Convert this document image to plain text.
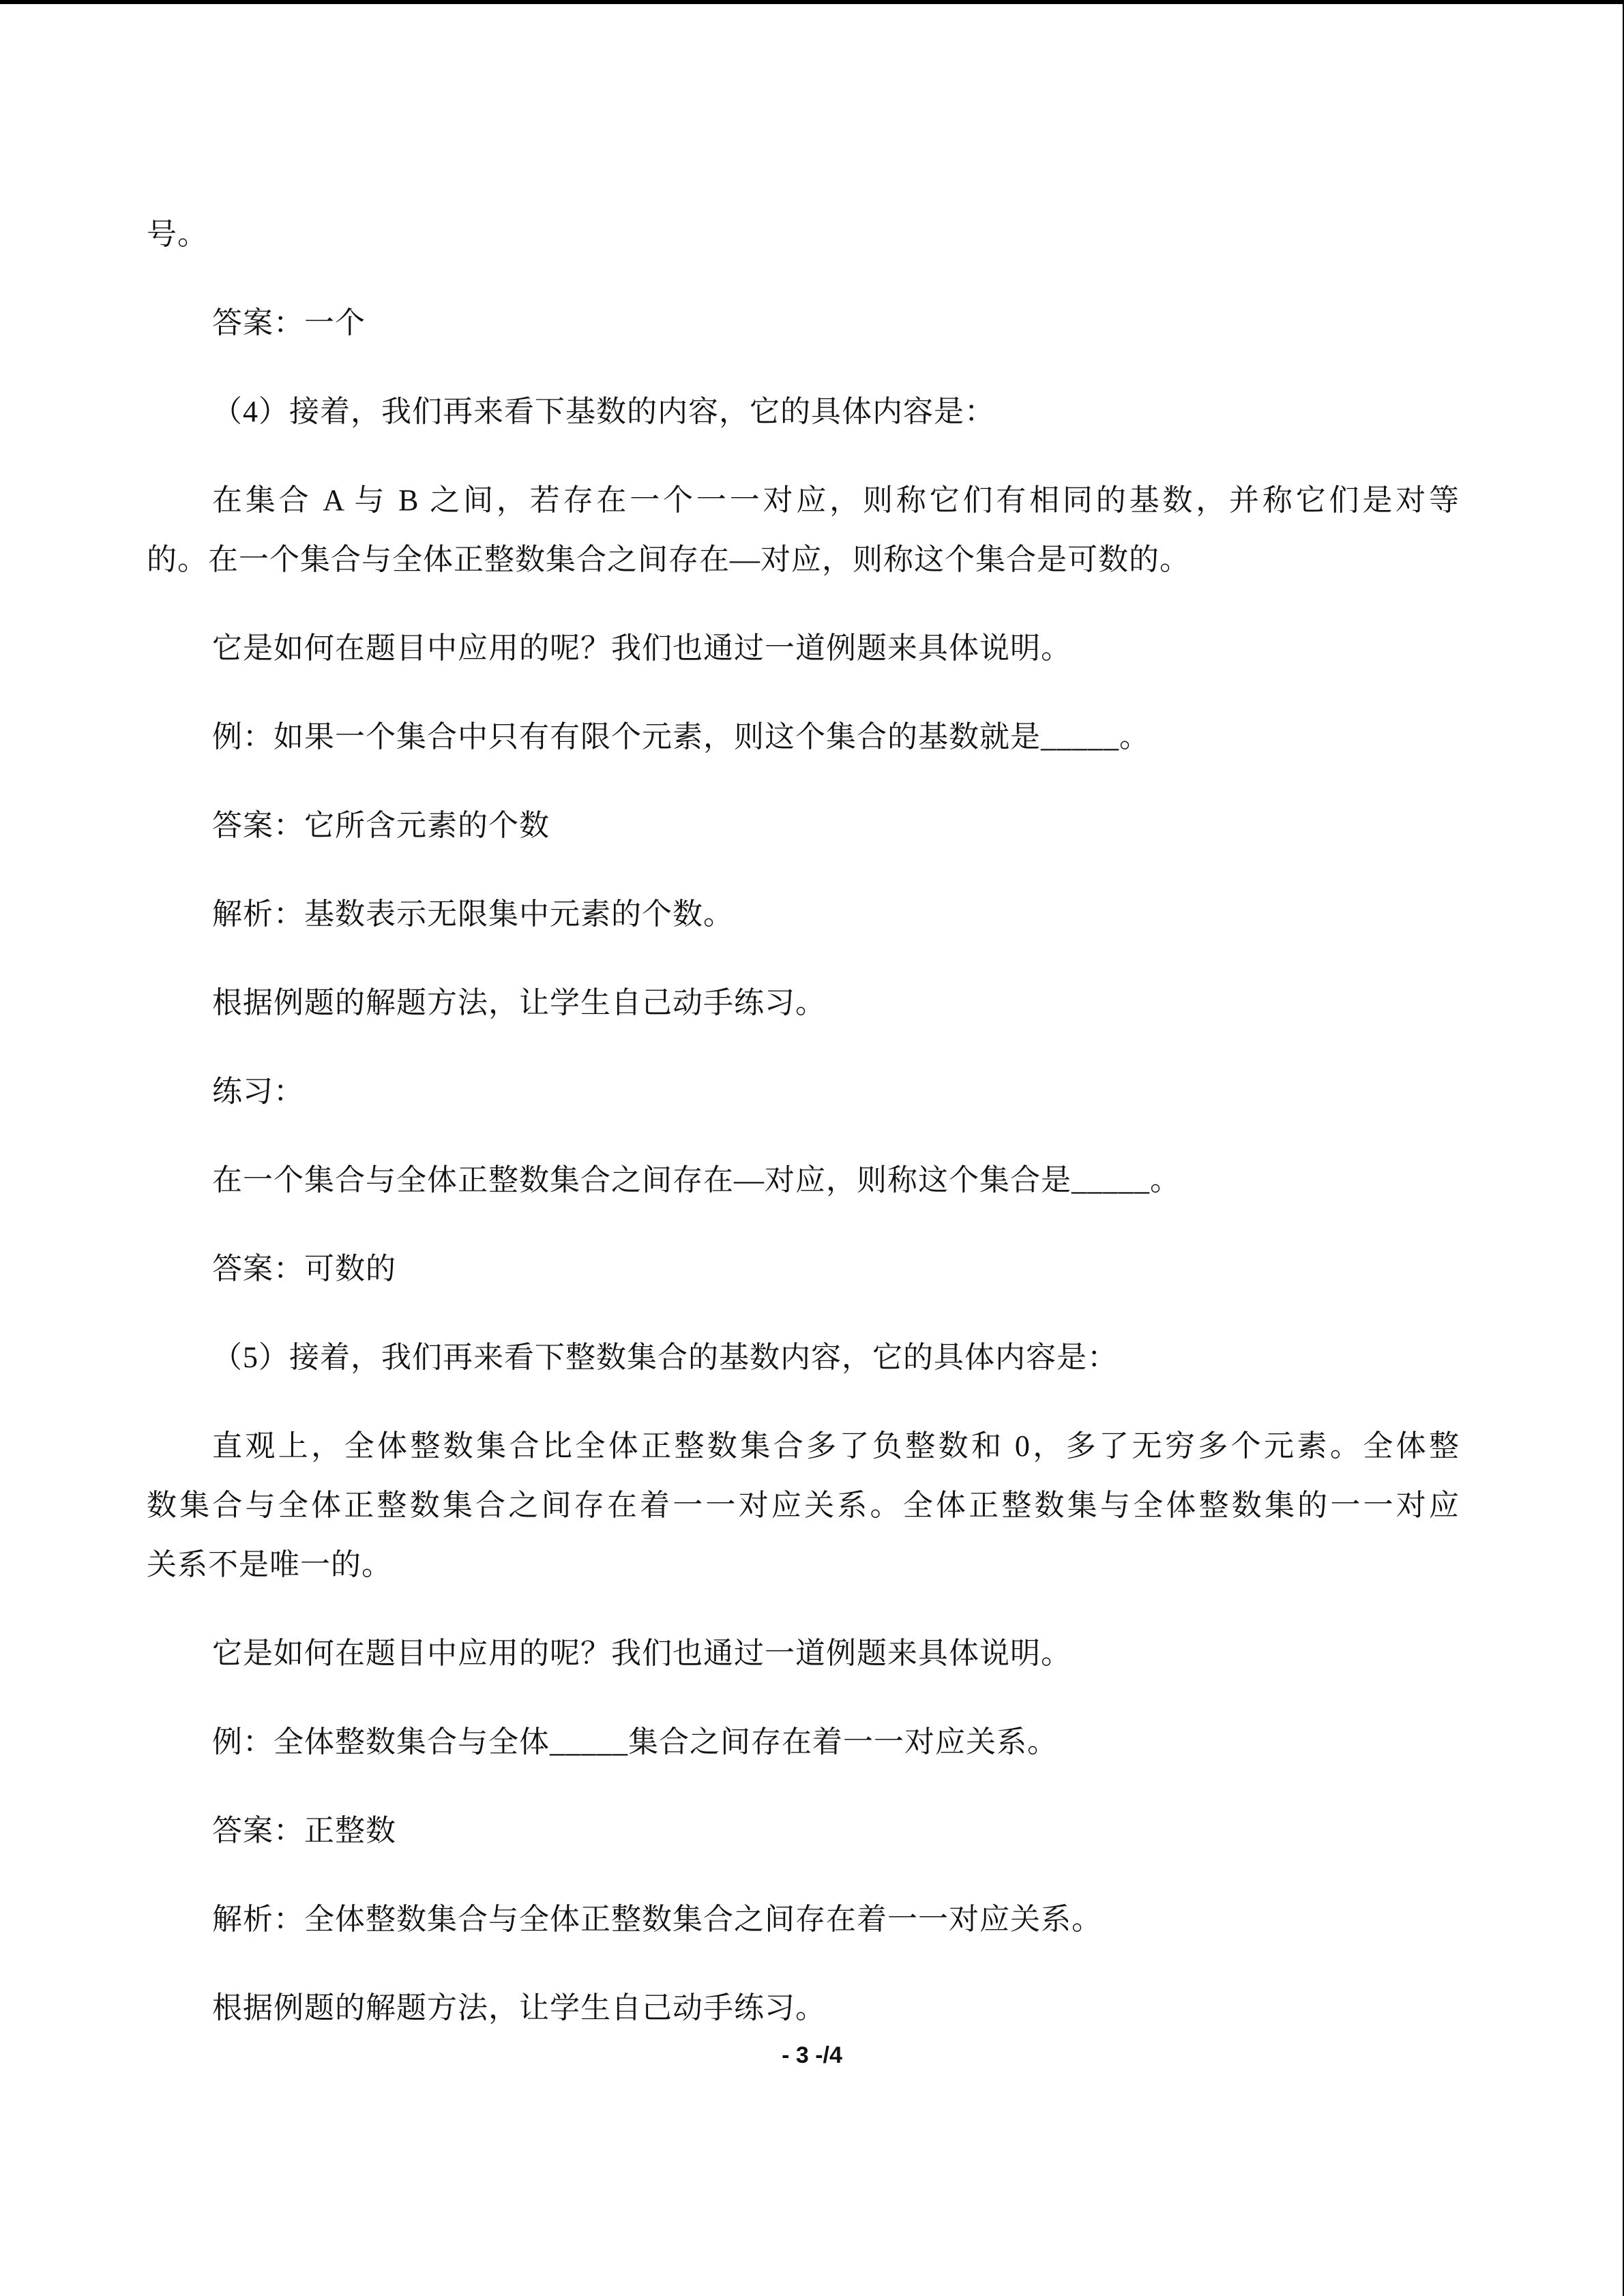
号。
答案：一个
（4）接着，我们再来看下基数的内容，它的具体内容是：
在集合 A 与 B 之间，若存在一个一一对应，则称它们有相同的基数，并称它们是对等
的。在一个集合与全体正整数集合之间存在—对应，则称这个集合是可数的。
它是如何在题目中应用的呢？我们也通过一道例题来具体说明。
例：如果一个集合中只有有限个元素，则这个集合的基数就是_____。
答案：它所含元素的个数
解析：基数表示无限集中元素的个数。
根据例题的解题方法，让学生自己动手练习。
练习：
在一个集合与全体正整数集合之间存在—对应，则称这个集合是_____。
答案：可数的
（5）接着，我们再来看下整数集合的基数内容，它的具体内容是：
直观上，全体整数集合比全体正整数集合多了负整数和 0，多了无穷多个元素。全体整
数集合与全体正整数集合之间存在着一一对应关系。全体正整数集与全体整数集的一一对应
关系不是唯一的。
它是如何在题目中应用的呢？我们也通过一道例题来具体说明。
例：全体整数集合与全体_____集合之间存在着一一对应关系。
答案：正整数
解析：全体整数集合与全体正整数集合之间存在着一一对应关系。
根据例题的解题方法，让学生自己动手练习。
- 3 -/4
